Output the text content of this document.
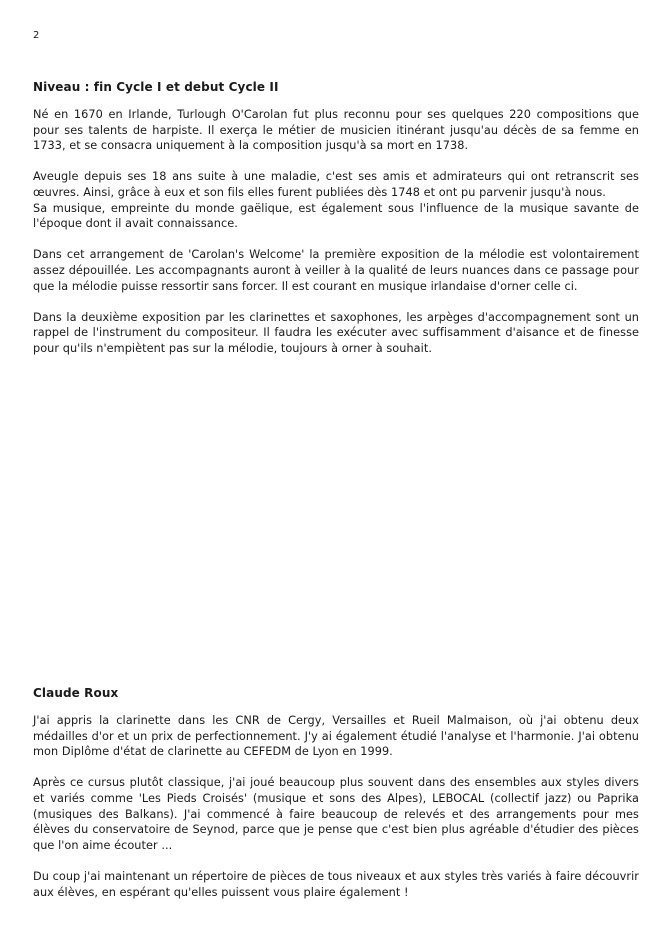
2
Niveau : fin Cycle I et debut Cycle II

Né en 1670 en Irlande, Turlough O'Carolan fut plus reconnu pour ses quelques 220 compositions que pour ses talents de harpiste. Il exerça le métier de musicien itinérant jusqu'au décès de sa femme en 1733, et se consacra uniquement à la composition jusqu'à sa mort en 1738.

Aveugle depuis ses 18 ans suite à une maladie, c'est ses amis et admirateurs qui ont retranscrit ses œuvres. Ainsi, grâce à eux et son fils elles furent publiées dès 1748 et ont pu parvenir jusqu'à nous.
Sa musique, empreinte du monde gaëlique, est également sous l'influence de la musique savante de l'époque dont il avait connaissance.

Dans cet arrangement de 'Carolan's Welcome' la première exposition de la mélodie est volontairement assez dépouillée. Les accompagnants auront à veiller à la qualité de leurs nuances dans ce passage pour que la mélodie puisse ressortir sans forcer. Il est courant en musique irlandaise d'orner celle ci.

Dans la deuxième exposition par les clarinettes et saxophones, les arpèges d'accompagnement sont un rappel de l'instrument du compositeur. Il faudra les exécuter avec suffisamment d'aisance et de finesse pour qu'ils n'empiètent pas sur la mélodie, toujours à orner à souhait.

Claude Roux

J'ai appris la clarinette dans les CNR de Cergy, Versailles et Rueil Malmaison, où j'ai obtenu deux médailles d'or et un prix de perfectionnement. J'y ai également étudié l'analyse et l'harmonie. J'ai obtenu mon Diplôme d'état de clarinette au CEFEDM de Lyon en 1999.

Après ce cursus plutôt classique, j'ai joué beaucoup plus souvent dans des ensembles aux styles divers et variés comme 'Les Pieds Croisés' (musique et sons des Alpes), LEBOCAL (collectif jazz) ou Paprika (musiques des Balkans). J'ai commencé à faire beaucoup de relevés et des arrangements pour mes élèves du conservatoire de Seynod, parce que je pense que c'est bien plus agréable d'étudier des pièces que l'on aime écouter ...

Du coup j'ai maintenant un répertoire de pièces de tous niveaux et aux styles très variés à faire découvrir aux élèves, en espérant qu'elles puissent vous plaire également !
